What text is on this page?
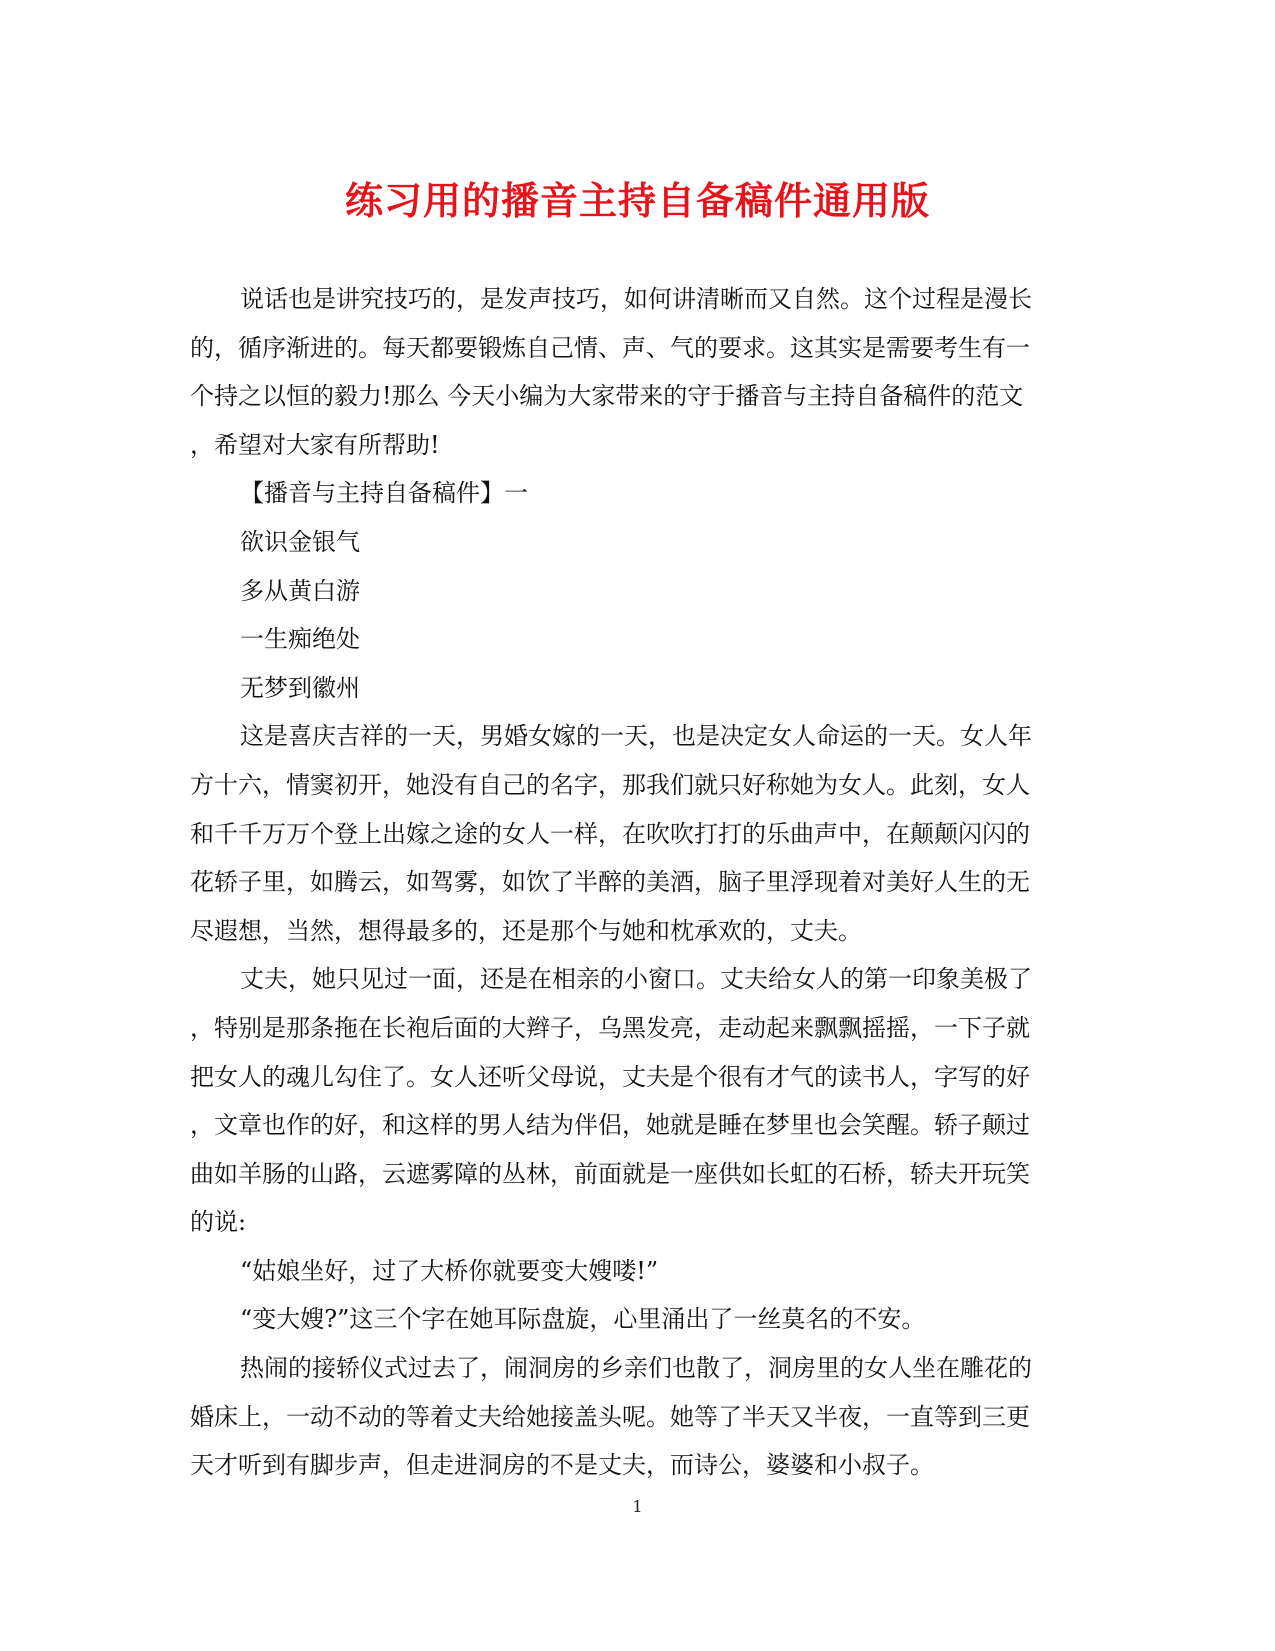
练习用的播音主持自备稿件通用版
说话也是讲究技巧的，是发声技巧，如何讲清晰而又自然。这个过程是漫长
的，循序渐进的。每天都要锻炼自己情、声、气的要求。这其实是需要考生有一
个持之以恒的毅力!那么 今天小编为大家带来的守于播音与主持自备稿件的范文
，希望对大家有所帮助!
【播音与主持自备稿件】一
欲识金银气
多从黄白游
一生痴绝处
无梦到徽州
这是喜庆吉祥的一天，男婚女嫁的一天，也是决定女人命运的一天。女人年
方十六，情窦初开，她没有自己的名字，那我们就只好称她为女人。此刻，女人
和千千万万个登上出嫁之途的女人一样，在吹吹打打的乐曲声中，在颠颠闪闪的
花轿子里，如腾云，如驾雾，如饮了半醉的美酒，脑子里浮现着对美好人生的无
尽遐想，当然，想得最多的，还是那个与她和枕承欢的，丈夫。
丈夫，她只见过一面，还是在相亲的小窗口。丈夫给女人的第一印象美极了
，特别是那条拖在长袍后面的大辫子，乌黑发亮，走动起来飘飘摇摇，一下子就
把女人的魂儿勾住了。女人还听父母说，丈夫是个很有才气的读书人，字写的好
，文章也作的好，和这样的男人结为伴侣，她就是睡在梦里也会笑醒。轿子颠过
曲如羊肠的山路，云遮雾障的丛林，前面就是一座供如长虹的石桥，轿夫开玩笑
的说:
“姑娘坐好，过了大桥你就要变大嫂喽!”
“变大嫂?”这三个字在她耳际盘旋，心里涌出了一丝莫名的不安。
热闹的接轿仪式过去了，闹洞房的乡亲们也散了，洞房里的女人坐在雕花的
婚床上，一动不动的等着丈夫给她接盖头呢。她等了半天又半夜，一直等到三更
天才听到有脚步声，但走进洞房的不是丈夫，而诗公，婆婆和小叔子。
1
